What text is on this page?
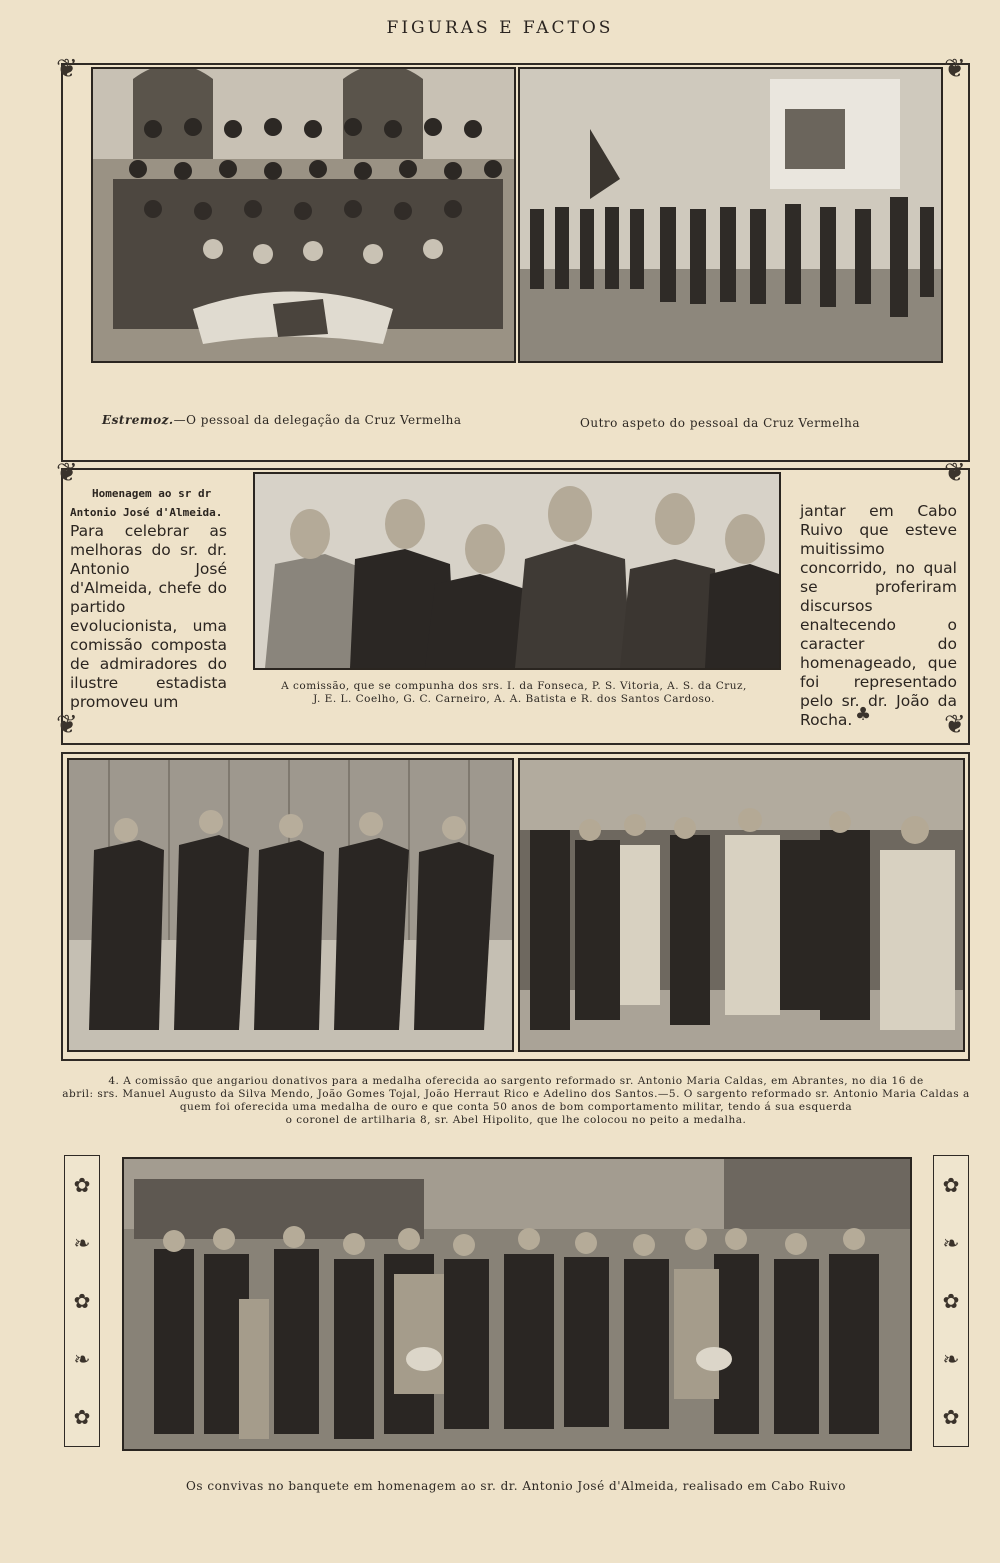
FIGURAS E FACTOS
❦	❦
Estremoz.—O pessoal da delegação da Cruz Vermelha	Outro aspeto do pessoal da Cruz Vermelha
❦	❦
❦	❦
♣
Homenagem ao sr dr
Antonio José d'Almeida.
Para celebrar as melhoras do sr. dr. Antonio José d'Almeida, chefe do partido evolucionista, uma comissão composta de admiradores do ilustre estadista promoveu um
A comissão, que se compunha dos srs. I. da Fonseca, P. S. Vitoria, A. S. da Cruz,
J. E. L. Coelho, G. C. Carneiro, A. A. Batista e R. dos Santos Cardoso.
jantar em Cabo Ruivo que esteve muitissimo concorrido, no qual se proferiram discursos enaltecendo o caracter do homenageado, que foi representado pelo sr. dr. João da Rocha.
4. A comissão que angariou donativos para a medalha oferecida ao sargento reformado sr. Antonio Maria Caldas, em Abrantes, no dia 16 de
abril: srs. Manuel Augusto da Silva Mendo, João Gomes Tojal, João Herraut Rico e Adelino dos Santos.—5. O sargento reformado sr. Antonio Maria Caldas a quem foi oferecida uma medalha de ouro e que conta 50 anos de bom comportamento militar, tendo á sua esquerda
o coronel de artilharia 8, sr. Abel Hipolito, que lhe colocou no peito a medalha.
✿
❧
✿
❧
✿
✿
❧
✿
❧
✿
Os convivas no banquete em homenagem ao sr. dr. Antonio José d'Almeida, realisado em Cabo Ruivo
